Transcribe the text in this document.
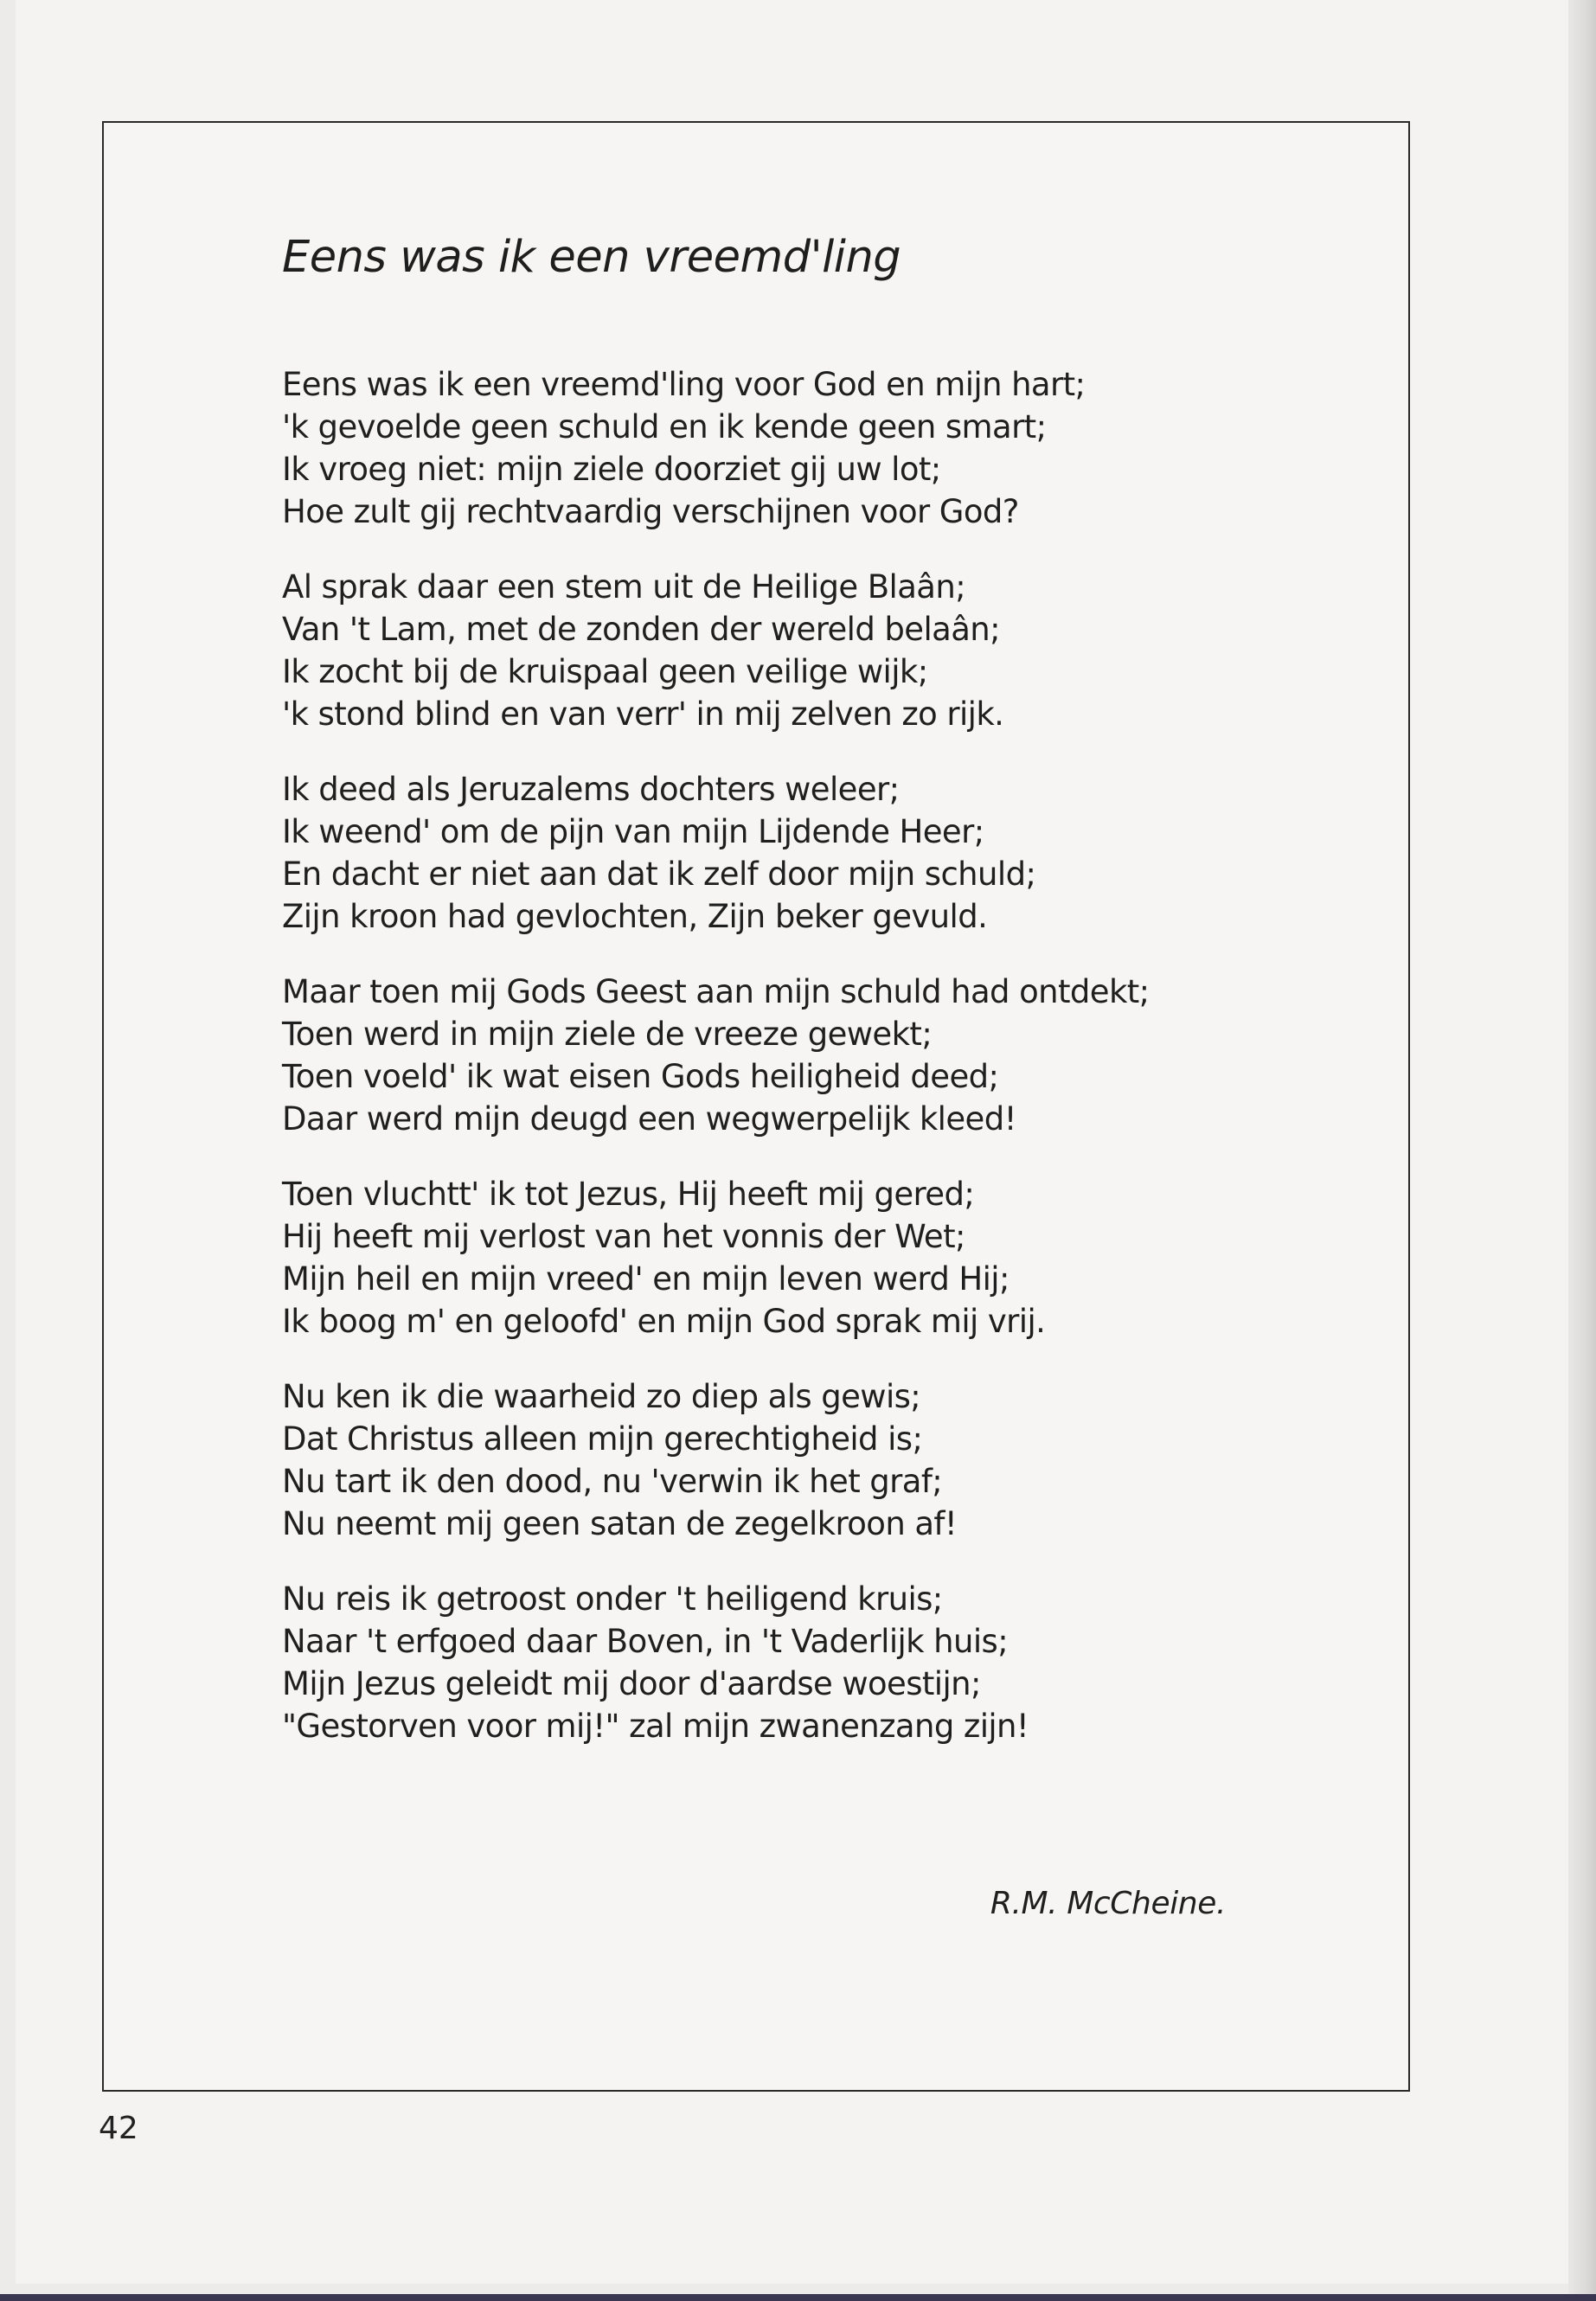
Eens was ik een vreemd'ling
Eens was ik een vreemd'ling voor God en mijn hart;
'k gevoelde geen schuld en ik kende geen smart;
Ik vroeg niet: mijn ziele doorziet gij uw lot;
Hoe zult gij rechtvaardig verschijnen voor God?
Al sprak daar een stem uit de Heilige Blaân;
Van 't Lam, met de zonden der wereld belaân;
Ik zocht bij de kruispaal geen veilige wijk;
'k stond blind en van verr' in mij zelven zo rijk.
Ik deed als Jeruzalems dochters weleer;
Ik weend' om de pijn van mijn Lijdende Heer;
En dacht er niet aan dat ik zelf door mijn schuld;
Zijn kroon had gevlochten, Zijn beker gevuld.
Maar toen mij Gods Geest aan mijn schuld had ontdekt;
Toen werd in mijn ziele de vreeze gewekt;
Toen voeld' ik wat eisen Gods heiligheid deed;
Daar werd mijn deugd een wegwerpelijk kleed!
Toen vluchtt' ik tot Jezus, Hij heeft mij gered;
Hij heeft mij verlost van het vonnis der Wet;
Mijn heil en mijn vreed' en mijn leven werd Hij;
Ik boog m' en geloofd' en mijn God sprak mij vrij.
Nu ken ik die waarheid zo diep als gewis;
Dat Christus alleen mijn gerechtigheid is;
Nu tart ik den dood, nu 'verwin ik het graf;
Nu neemt mij geen satan de zegelkroon af!
Nu reis ik getroost onder 't heiligend kruis;
Naar 't erfgoed daar Boven, in 't Vaderlijk huis;
Mijn Jezus geleidt mij door d'aardse woestijn;
"Gestorven voor mij!" zal mijn zwanenzang zijn!
R.M. McCheine.
42
